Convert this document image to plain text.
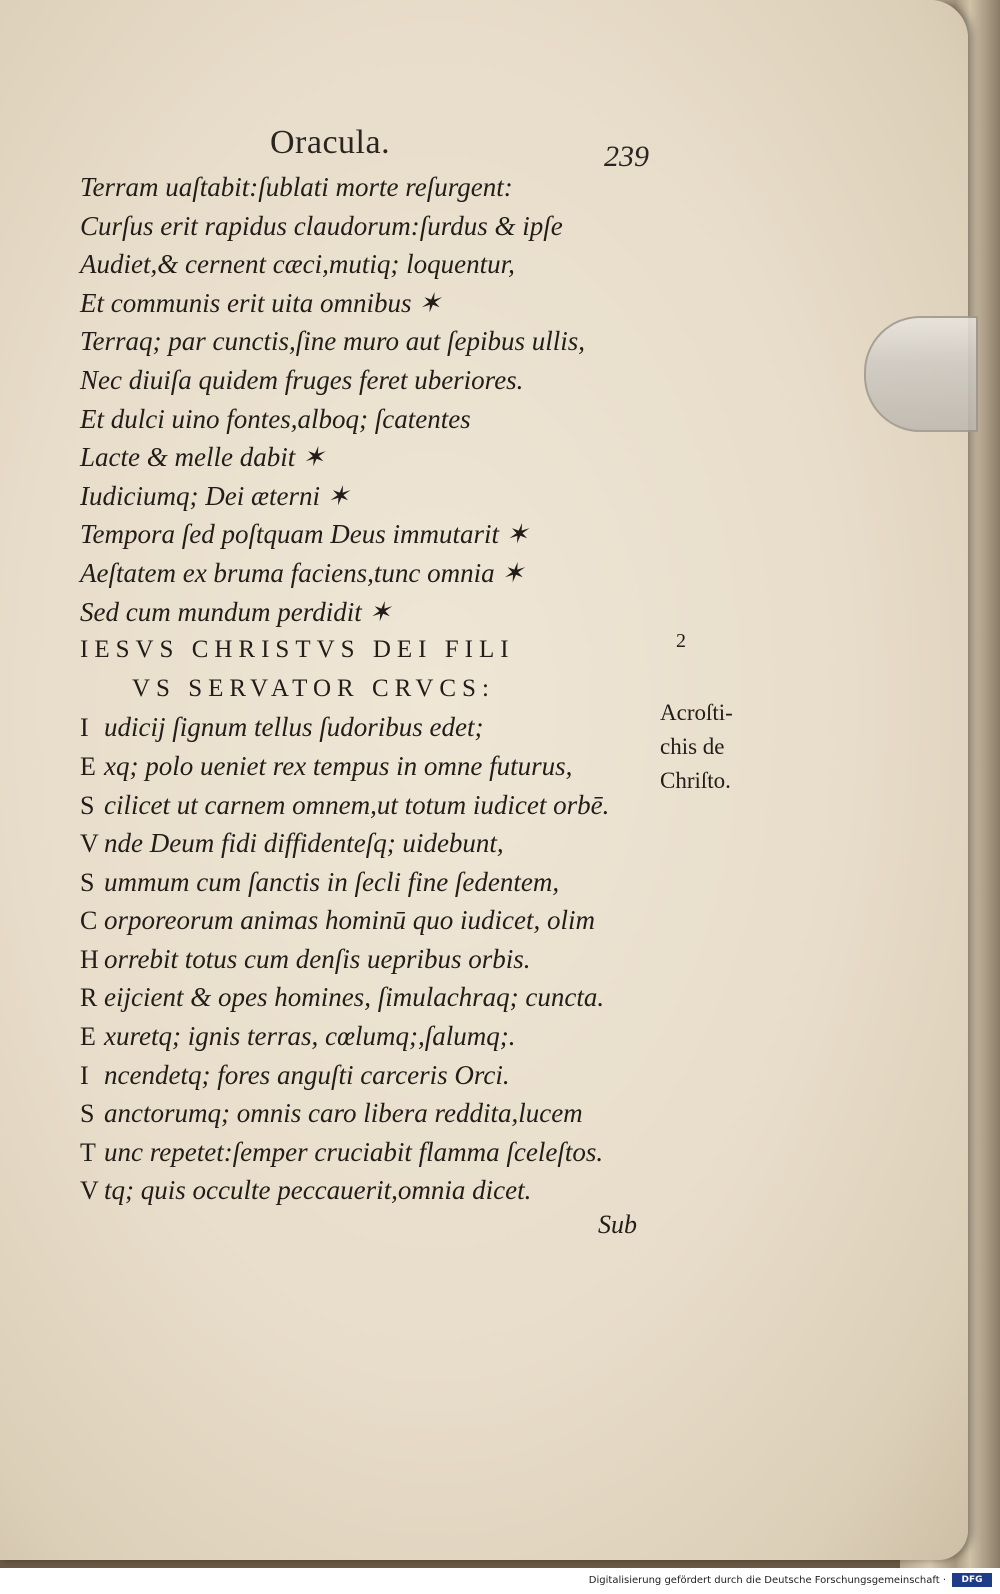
Oracula.	239
Terram uaſtabit:ſublati morte reſurgent:
Curſus erit rapidus claudorum:ſurdus & ipſe
Audiet,& cernent cæci,mutiq; loquentur,
Et communis erit uita omnibus ✶
Terraq; par cunctis,ſine muro aut ſepibus ullis,
Nec diuiſa quidem fruges feret uberiores.
Et dulci uino fontes,alboq; ſcatentes
Lacte & melle dabit ✶
Iudiciumq; Dei æterni ✶
Tempora ſed poſtquam Deus immutarit ✶
Aeſtatem ex bruma faciens,tunc omnia ✶
Sed cum mundum perdidit ✶
IESVS CHRISTVS DEI FILI
VS SERVATOR CRVCS:
I udicij ſignum tellus ſudoribus edet;
E xq; polo ueniet rex tempus in omne futurus,
S cilicet ut carnem omnem,ut totum iudicet orbē.
V nde Deum fidi diffidenteſq; uidebunt,
S ummum cum ſanctis in ſecli fine ſedentem,
C orporeorum animas hominū quo iudicet, olim
H orrebit totus cum denſis uepribus orbis.
R eijcient & opes homines, ſimulachraq; cuncta.
E xuretq; ignis terras, cœlumq;,ſalumq;.
I ncendetq; fores anguſti carceris Orci.
S anctorumq; omnis caro libera reddita,lucem
T unc repetet:ſemper cruciabit flamma ſceleſtos.
V tq; quis occulte peccauerit,omnia dicet.
2
Acroſti-
chis de
Chriſto.
Sub
Digitalisierung gefördert durch die Deutsche Forschungsgemeinschaft ·	DFG
